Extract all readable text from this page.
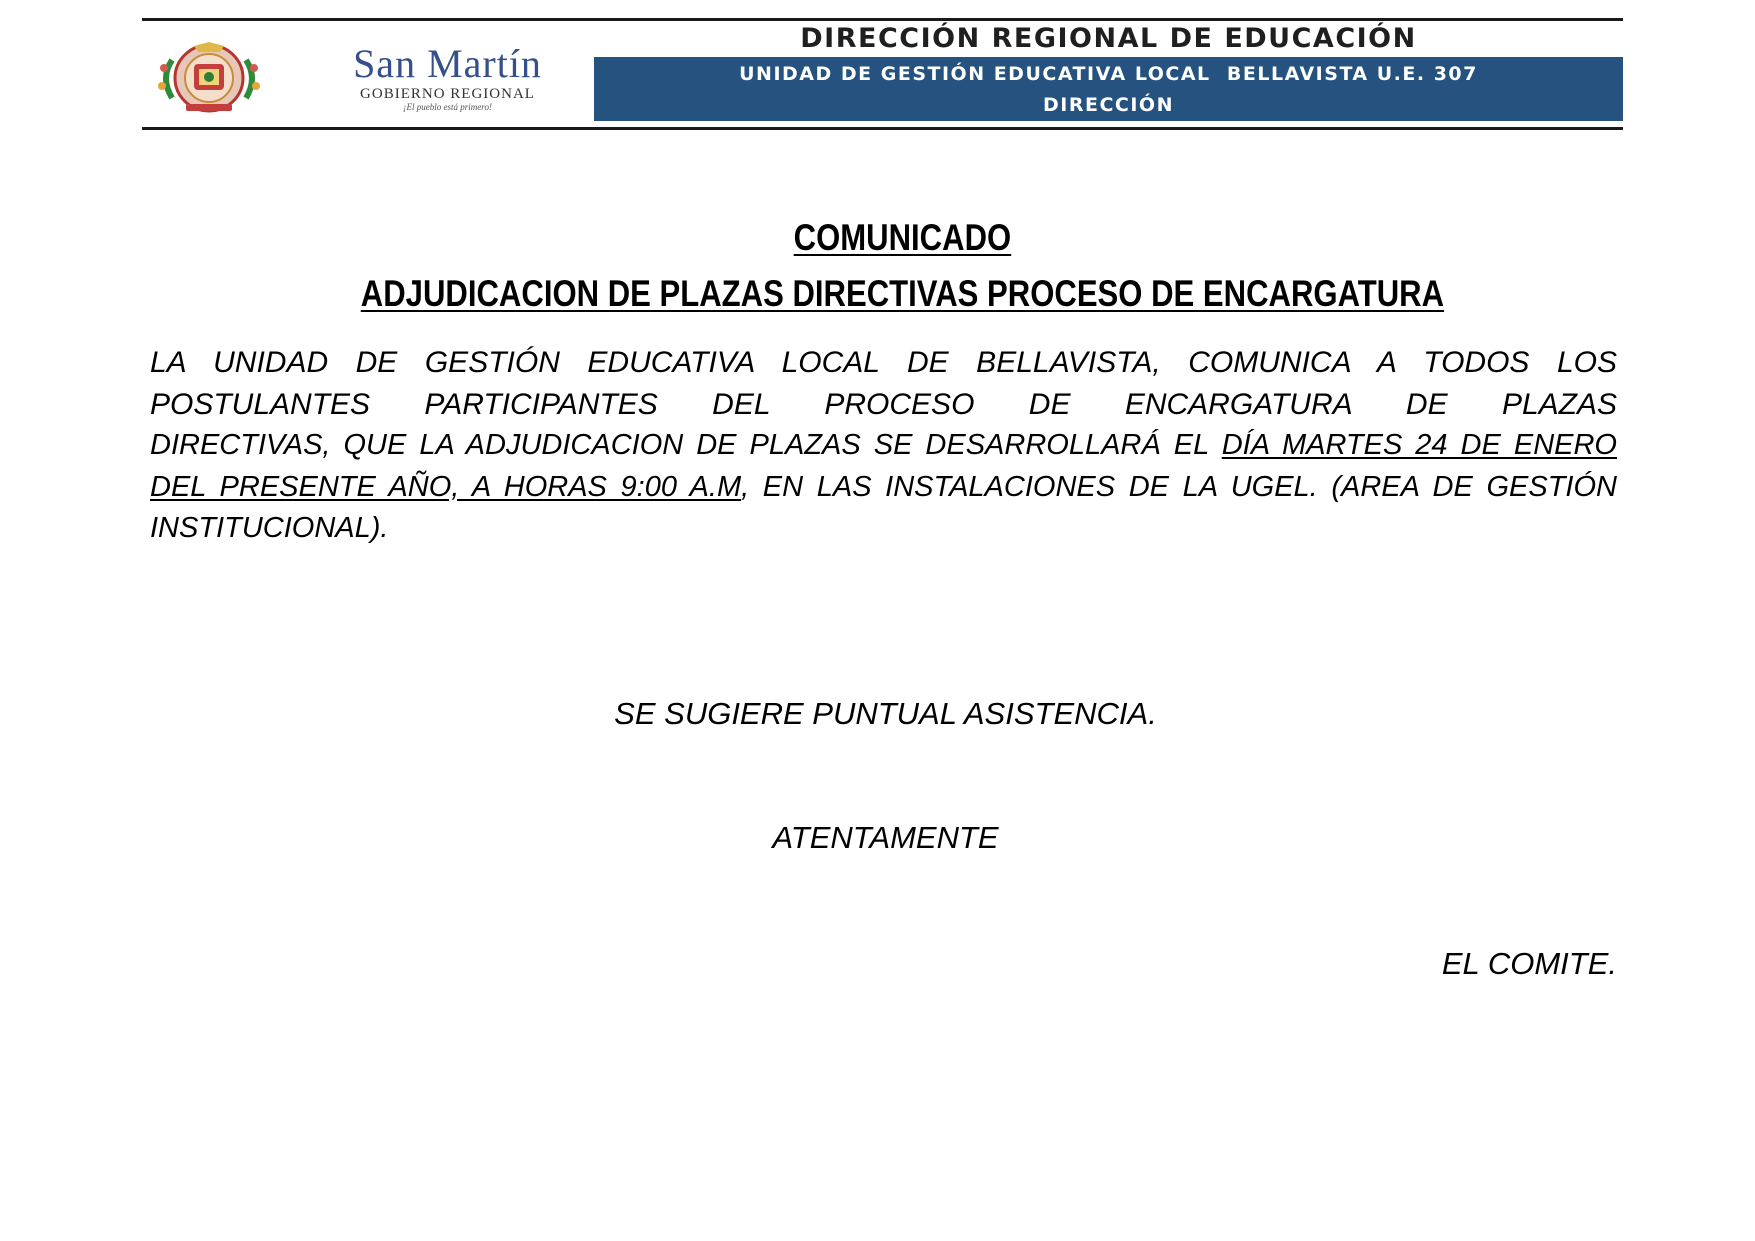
San Martín
GOBIERNO REGIONAL
¡El pueblo está primero!
DIRECCIÓN REGIONAL DE EDUCACIÓN
UNIDAD DE GESTIÓN EDUCATIVA LOCAL  BELLAVISTA U.E. 307
DIRECCIÓN
COMUNICADO
ADJUDICACION DE PLAZAS DIRECTIVAS PROCESO DE ENCARGATURA
LA UNIDAD DE GESTIÓN EDUCATIVA LOCAL DE BELLAVISTA, COMUNICA A TODOS LOS
POSTULANTES PARTICIPANTES DEL PROCESO DE ENCARGATURA DE PLAZAS
DIRECTIVAS, QUE LA ADJUDICACION DE PLAZAS SE DESARROLLARÁ EL DÍA MARTES 24 DE ENERO
DEL PRESENTE AÑO, A HORAS 9:00 A.M, EN LAS INSTALACIONES DE LA UGEL. (AREA DE GESTIÓN
INSTITUCIONAL).
SE SUGIERE PUNTUAL ASISTENCIA.
ATENTAMENTE
EL COMITE.
